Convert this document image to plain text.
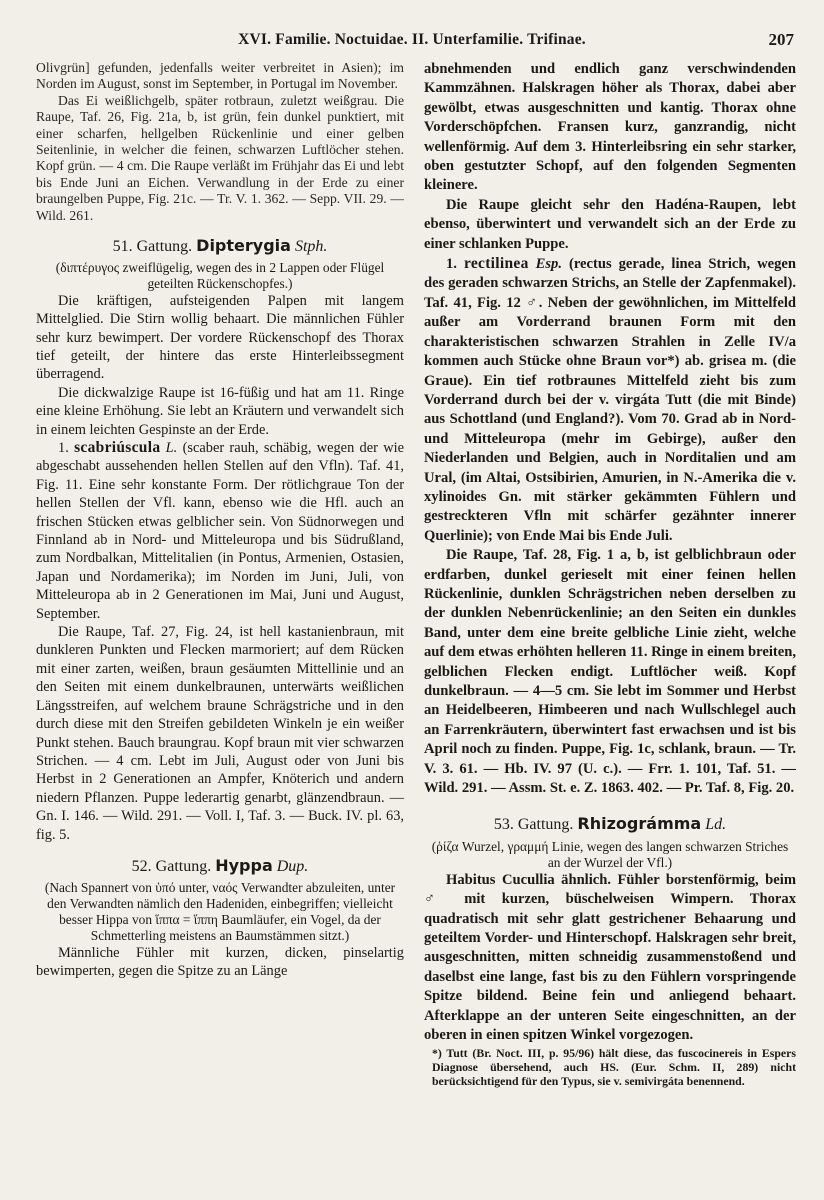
XVI. Familie. Noctuidae. II. Unterfamilie. Trifinae.	207

Olivgrün] gefunden, jedenfalls weiter verbreitet in Asien); im Norden im August, sonst im September, in Portugal im November.

Das Ei weißlichgelb, später rotbraun, zuletzt weißgrau. Die Raupe, Taf. 26, Fig. 21a, b, ist grün, fein dunkel punktiert, mit einer scharfen, hellgelben Rückenlinie und einer gelben Seitenlinie, in welcher die feinen, schwarzen Luftlöcher stehen. Kopf grün. — 4 cm. Die Raupe verläßt im Frühjahr das Ei und lebt bis Ende Juni an Eichen. Verwandlung in der Erde zu einer braungelben Puppe, Fig. 21c. — Tr. V. 1. 362. — Sepp. VII. 29. — Wild. 261.

51. Gattung. Dipterygia Stph.

(διπτέρυγος zweiflügelig, wegen des in 2 Lappen oder Flügel geteilten Rückenschopfes.)

Die kräftigen, aufsteigenden Palpen mit langem Mittelglied. Die Stirn wollig behaart. Die männlichen Fühler sehr kurz bewimpert. Der vordere Rückenschopf des Thorax tief geteilt, der hintere das erste Hinterleibssegment überragend.

Die dickwalzige Raupe ist 16-füßig und hat am 11. Ringe eine kleine Erhöhung. Sie lebt an Kräutern und verwandelt sich in einem leichten Gespinste an der Erde.

1. scabriúscula L. (scaber rauh, schäbig, wegen der wie abgeschabt aussehenden hellen Stellen auf den Vfln). Taf. 41, Fig. 11. Eine sehr konstante Form. Der rötlichgraue Ton der hellen Stellen der Vfl. kann, ebenso wie die Hfl. auch an frischen Stücken etwas gelblicher sein. Von Südnorwegen und Finnland ab in Nord- und Mitteleuropa und bis Südrußland, zum Nordbalkan, Mittelitalien (in Pontus, Armenien, Ostasien, Japan und Nordamerika); im Norden im Juni, Juli, von Mitteleuropa ab in 2 Generationen im Mai, Juni und August, September.

Die Raupe, Taf. 27, Fig. 24, ist hell kastanienbraun, mit dunkleren Punkten und Flecken marmoriert; auf dem Rücken mit einer zarten, weißen, braun gesäumten Mittellinie und an den Seiten mit einem dunkelbraunen, unterwärts weißlichen Längsstreifen, auf welchem braune Schrägstriche und in den durch diese mit den Streifen gebildeten Winkeln je ein weißer Punkt stehen. Bauch braungrau. Kopf braun mit vier schwarzen Strichen. — 4 cm. Lebt im Juli, August oder von Juni bis Herbst in 2 Generationen an Ampfer, Knöterich und andern niedern Pflanzen. Puppe lederartig genarbt, glänzendbraun. — Gn. I. 146. — Wild. 291. — Voll. I, Taf. 3. — Buck. IV. pl. 63, fig. 5.

52. Gattung. Hyppa Dup.

(Nach Spannert von ὑπό unter, ναός Verwandter abzuleiten, unter den Verwandten nämlich den Hadeniden, einbegriffen; vielleicht besser Hippa von ἵππα = ἵππη Baumläufer, ein Vogel, da der Schmetterling meistens an Baumstämmen sitzt.)

Männliche Fühler mit kurzen, dicken, pinselartig bewimperten, gegen die Spitze zu an Länge

abnehmenden und endlich ganz verschwindenden Kammzähnen. Halskragen höher als Thorax, dabei aber gewölbt, etwas ausgeschnitten und kantig. Thorax ohne Vorderschöpfchen. Fransen kurz, ganzrandig, nicht wellenförmig. Auf dem 3. Hinterleibsring ein sehr starker, oben gestutzter Schopf, auf den folgenden Segmenten kleinere.

Die Raupe gleicht sehr den Hadéna-Raupen, lebt ebenso, überwintert und verwandelt sich an der Erde zu einer schlanken Puppe.

1. rectilinea Esp. (rectus gerade, linea Strich, wegen des geraden schwarzen Strichs, an Stelle der Zapfenmakel). Taf. 41, Fig. 12 ♂. Neben der gewöhnlichen, im Mittelfeld außer am Vorderrand braunen Form mit den charakteristischen schwarzen Strahlen in Zelle IV/a kommen auch Stücke ohne Braun vor*) ab. grisea m. (die Graue). Ein tief rotbraunes Mittelfeld zieht bis zum Vorderrand durch bei der v. virgáta Tutt (die mit Binde) aus Schottland (und England?). Vom 70. Grad ab in Nord- und Mitteleuropa (mehr im Gebirge), außer den Niederlanden und Belgien, auch in Norditalien und am Ural, (im Altai, Ostsibirien, Amurien, in N.-Amerika die v. xylinoides Gn. mit stärker gekämmten Fühlern und gestreckteren Vfln mit schärfer gezähnter innerer Querlinie); von Ende Mai bis Ende Juli.

Die Raupe, Taf. 28, Fig. 1 a, b, ist gelblichbraun oder erdfarben, dunkel gerieselt mit einer feinen hellen Rückenlinie, dunklen Schrägstrichen neben derselben zu der dunklen Nebenrückenlinie; an den Seiten ein dunkles Band, unter dem eine breite gelbliche Linie zieht, welche auf dem etwas erhöhten helleren 11. Ringe in einem breiten, gelblichen Flecken endigt. Luftlöcher weiß. Kopf dunkelbraun. — 4—5 cm. Sie lebt im Sommer und Herbst an Heidelbeeren, Himbeeren und nach Wullschlegel auch an Farrenkräutern, überwintert fast erwachsen und ist bis April noch zu finden. Puppe, Fig. 1c, schlank, braun. — Tr. V. 3. 61. — Hb. IV. 97 (U. c.). — Frr. 1. 101, Taf. 51. — Wild. 291. — Assm. St. e. Z. 1863. 402. — Pr. Taf. 8, Fig. 20.

53. Gattung. Rhizográmma Ld.

(ῥίζα Wurzel, γραμμή Linie, wegen des langen schwarzen Striches an der Wurzel der Vfl.)

Habitus Cucullia ähnlich. Fühler borstenförmig, beim ♂ mit kurzen, büschelweisen Wimpern. Thorax quadratisch mit sehr glatt gestrichener Behaarung und geteiltem Vorder- und Hinterschopf. Halskragen sehr breit, ausgeschnitten, mitten schneidig zusammenstoßend und daselbst eine lange, fast bis zu den Fühlern vorspringende Spitze bildend. Beine fein und anliegend behaart. Afterklappe an der unteren Seite eingeschnitten, an der oberen in einen spitzen Winkel vorgezogen.

*) Tutt (Br. Noct. III, p. 95/96) hält diese, das fuscocinereis in Espers Diagnose übersehend, auch HS. (Eur. Schm. II, 289) nicht berücksichtigend für den Typus, sie v. semivirgáta benennend.
